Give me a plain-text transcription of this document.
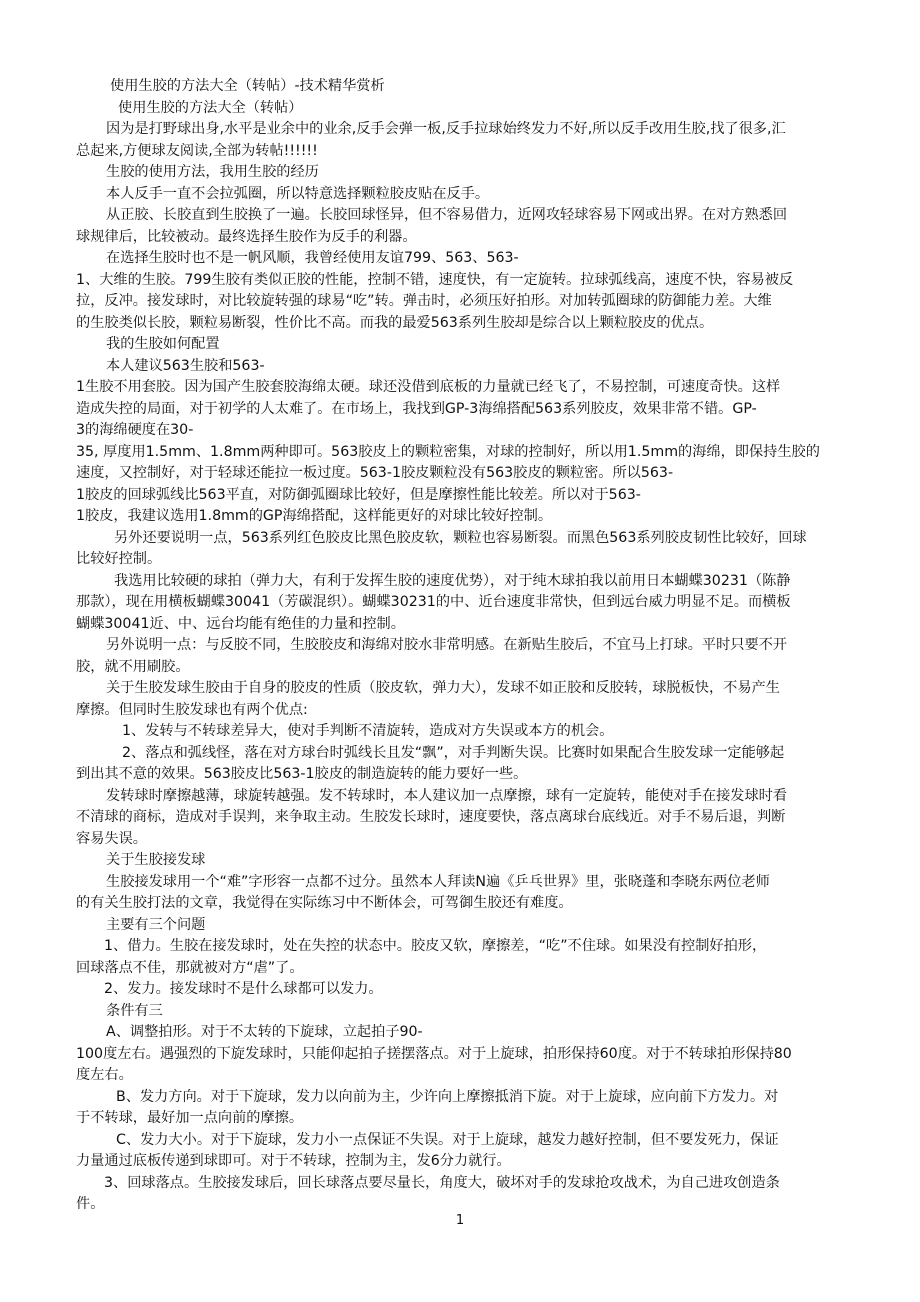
使用生胶的方法大全（转帖）-技术精华赏析

使用生胶的方法大全（转帖）

因为是打野球出身,水平是业余中的业余,反手会弹一板,反手拉球始终发力不好,所以反手改用生胶,找了很多,汇

总起来,方便球友阅读,全部为转帖!!!!!!

生胶的使用方法，我用生胶的经历

本人反手一直不会拉弧圈，所以特意选择颗粒胶皮贴在反手。

从正胶、长胶直到生胶换了一遍。长胶回球怪异，但不容易借力，近网攻轻球容易下网或出界。在对方熟悉回

球规律后，比较被动。最终选择生胶作为反手的利器。

在选择生胶时也不是一帆风顺，我曾经使用友谊799、563、563-

1、大维的生胶。799生胶有类似正胶的性能，控制不错，速度快，有一定旋转。拉球弧线高，速度不快，容易被反

拉，反冲。接发球时，对比较旋转强的球易“吃”转。弹击时，必须压好拍形。对加转弧圈球的防御能力差。大维

的生胶类似长胶，颗粒易断裂，性价比不高。而我的最爱563系列生胶却是综合以上颗粒胶皮的优点。

我的生胶如何配置

本人建议563生胶和563-

1生胶不用套胶。因为国产生胶套胶海绵太硬。球还没借到底板的力量就已经飞了，不易控制，可速度奇快。这样

造成失控的局面，对于初学的人太难了。在市场上，我找到GP-3海绵搭配563系列胶皮，效果非常不错。GP-

3的海绵硬度在30-

35, 厚度用1.5mm、1.8mm两种即可。563胶皮上的颗粒密集，对球的控制好，所以用1.5mm的海绵，即保持生胶的

速度，又控制好，对于轻球还能拉一板过度。563-1胶皮颗粒没有563胶皮的颗粒密。所以563-

1胶皮的回球弧线比563平直，对防御弧圈球比较好，但是摩擦性能比较差。所以对于563-

1胶皮，我建议选用1.8mm的GP海绵搭配，这样能更好的对球比较好控制。

另外还要说明一点，563系列红色胶皮比黑色胶皮软，颗粒也容易断裂。而黑色563系列胶皮韧性比较好，回球

比较好控制。

我选用比较硬的球拍（弹力大，有利于发挥生胶的速度优势），对于纯木球拍我以前用日本蝴蝶30231（陈静

那款），现在用横板蝴蝶30041（芳碳混织）。蝴蝶30231的中、近台速度非常快，但到远台威力明显不足。而横板

蝴蝶30041近、中、远台均能有绝佳的力量和控制。

另外说明一点：与反胶不同，生胶胶皮和海绵对胶水非常明感。在新贴生胶后，不宜马上打球。平时只要不开

胶，就不用刷胶。

关于生胶发球生胶由于自身的胶皮的性质（胶皮软，弹力大），发球不如正胶和反胶转，球脱板快，不易产生

摩擦。但同时生胶发球也有两个优点:

1、发转与不转球差异大，使对手判断不清旋转，造成对方失误或本方的机会。

2、落点和弧线怪，落在对方球台时弧线长且发“飘”，对手判断失误。比赛时如果配合生胶发球一定能够起

到出其不意的效果。563胶皮比563-1胶皮的制造旋转的能力要好一些。

发转球时摩擦越薄，球旋转越强。发不转球时，本人建议加一点摩擦，球有一定旋转，能使对手在接发球时看

不清球的商标，造成对手误判，来争取主动。生胶发长球时，速度要快，落点离球台底线近。对手不易后退，判断

容易失误。

关于生胶接发球

生胶接发球用一个“难”字形容一点都不过分。虽然本人拜读N遍《乒乓世界》里，张晓蓬和李晓东两位老师

的有关生胶打法的文章，我觉得在实际练习中不断体会，可驾御生胶还有难度。

主要有三个问题

1、借力。生胶在接发球时，处在失控的状态中。胶皮又软，摩擦差，“吃”不住球。如果没有控制好拍形，

回球落点不佳，那就被对方“虐”了。

2、发力。接发球时不是什么球都可以发力。

条件有三

A、调整拍形。对于不太转的下旋球，立起拍子90-

100度左右。遇强烈的下旋发球时，只能仰起拍子搓摆落点。对于上旋球，拍形保持60度。对于不转球拍形保持80

度左右。

B、发力方向。对于下旋球，发力以向前为主，少许向上摩擦抵消下旋。对于上旋球，应向前下方发力。对

于不转球，最好加一点向前的摩擦。

C、发力大小。对于下旋球，发力小一点保证不失误。对于上旋球，越发力越好控制，但不要发死力，保证

力量通过底板传递到球即可。对于不转球，控制为主，发6分力就行。

3、回球落点。生胶接发球后，回长球落点要尽量长，角度大，破坏对手的发球抢攻战术，为自己进攻创造条

件。

1
